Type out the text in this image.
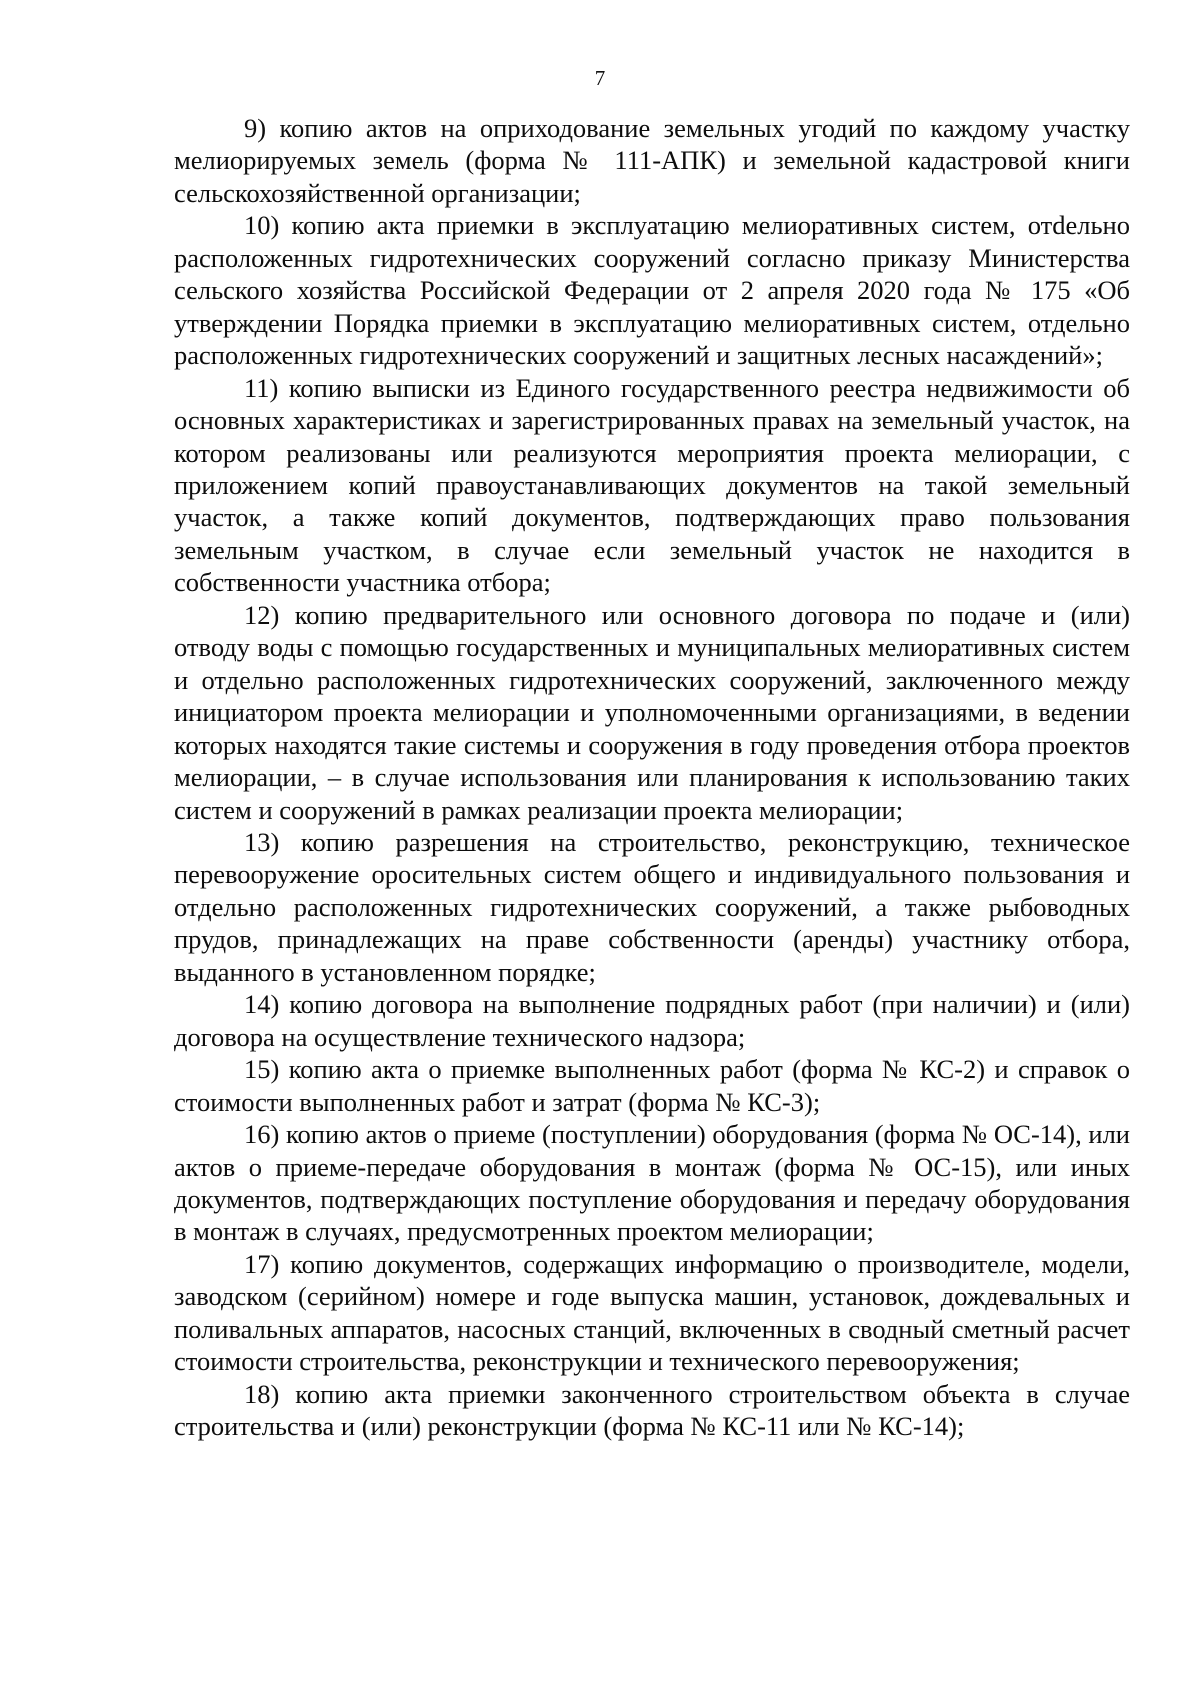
7

9) копию актов на оприходование земельных угодий по каждому участку мелиорируемых земель (форма № 111-АПК) и земельной кадастровой книги сельскохозяйственной организации;

10) копию акта приемки в эксплуатацию мелиоративных систем, отdельно расположенных гидротехнических сооружений согласно приказу Министерства сельского хозяйства Российской Федерации от 2 апреля 2020 года № 175 «Об утверждении Порядка приемки в эксплуатацию мелиоративных систем, отдельно расположенных гидротехнических сооружений и защитных лесных насаждений»;

11) копию выписки из Единого государственного реестра недвижимости об основных характеристиках и зарегистрированных правах на земельный участок, на котором реализованы или реализуются мероприятия проекта мелиорации, с приложением копий правоустанавливающих документов на такой земельный участок, а также копий документов, подтверждающих право пользования земельным участком, в случае если земельный участок не находится в собственности участника отбора;

12) копию предварительного или основного договора по подаче и (или) отводу воды с помощью государственных и муниципальных мелиоративных систем и отдельно расположенных гидротехнических сооружений, заключенного между инициатором проекта мелиорации и уполномоченными организациями, в ведении которых находятся такие системы и сооружения в году проведения отбора проектов мелиорации, – в случае использования или планирования к использованию таких систем и сооружений в рамках реализации проекта мелиорации;

13) копию разрешения на строительство, реконструкцию, техническое перевооружение оросительных систем общего и индивидуального пользования и отдельно расположенных гидротехнических сооружений, а также рыбоводных прудов, принадлежащих на праве собственности (аренды) участнику отбора, выданного в установленном порядке;

14) копию договора на выполнение подрядных работ (при наличии) и (или) договора на осуществление технического надзора;

15) копию акта о приемке выполненных работ (форма № КС-2) и справок о стоимости выполненных работ и затрат (форма № КС-3);

16) копию актов о приеме (поступлении) оборудования (форма № ОС-14), или актов о приеме-передаче оборудования в монтаж (форма № ОС-15), или иных документов, подтверждающих поступление оборудования и передачу оборудования в монтаж в случаях, предусмотренных проектом мелиорации;

17) копию документов, содержащих информацию о производителе, модели, заводском (серийном) номере и годе выпуска машин, установок, дождевальных и поливальных аппаратов, насосных станций, включенных в сводный сметный расчет стоимости строительства, реконструкции и технического перевооружения;

18) копию акта приемки законченного строительством объекта в случае строительства и (или) реконструкции (форма № КС-11 или № КС-14);
